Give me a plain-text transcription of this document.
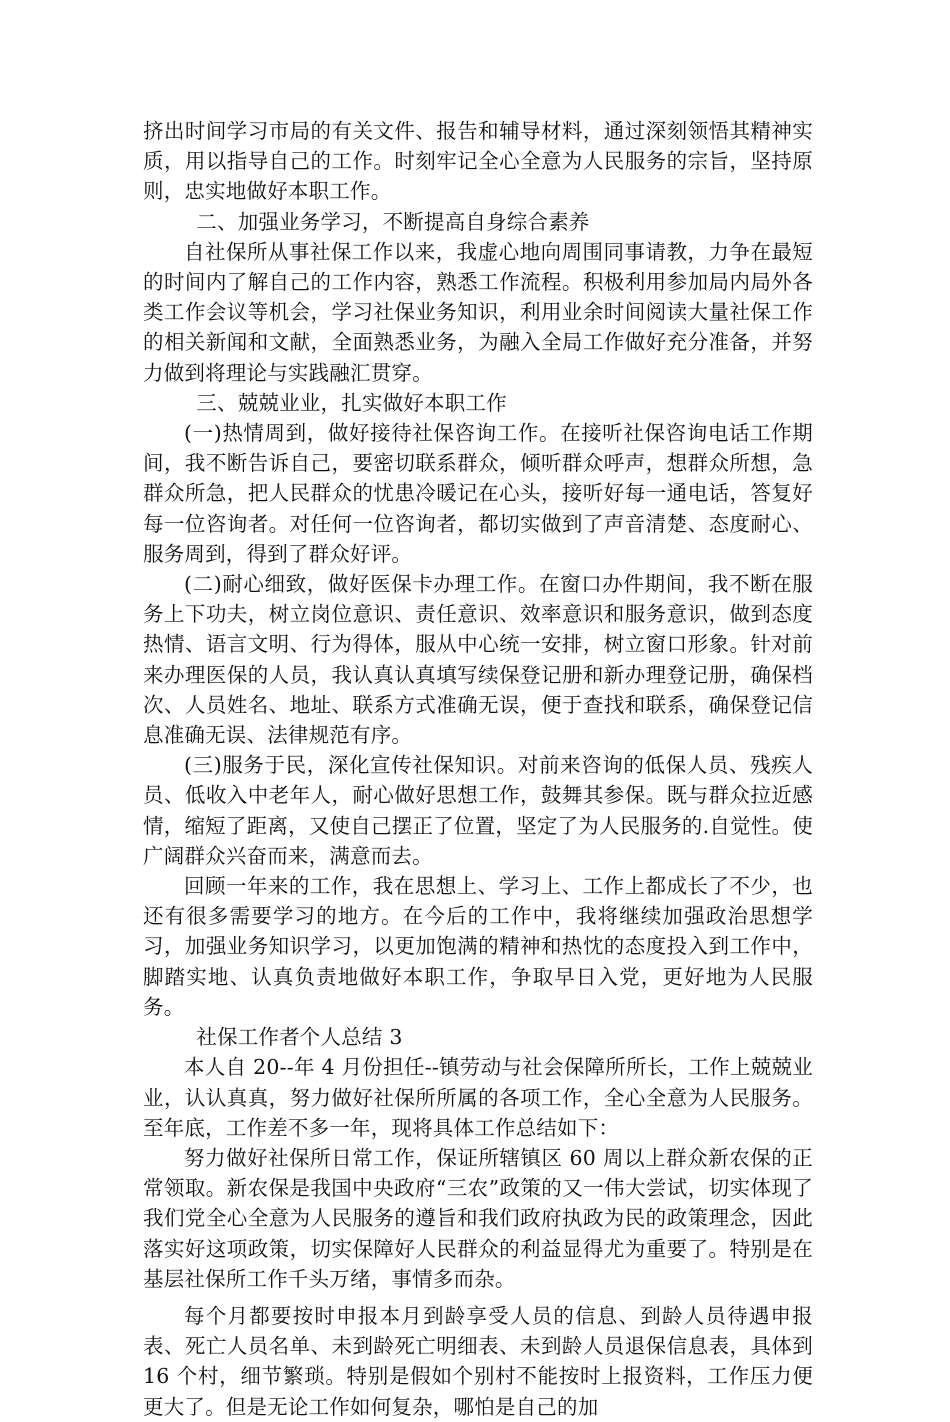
挤出时间学习市局的有关文件、报告和辅导材料，通过深刻领悟其精神实质，用以指导自己的工作。时刻牢记全心全意为人民服务的宗旨，坚持原则，忠实地做好本职工作。

二、加强业务学习，不断提高自身综合素养

自社保所从事社保工作以来，我虚心地向周围同事请教，力争在最短的时间内了解自己的工作内容，熟悉工作流程。积极利用参加局内局外各类工作会议等机会，学习社保业务知识，利用业余时间阅读大量社保工作的相关新闻和文献，全面熟悉业务，为融入全局工作做好充分准备，并努力做到将理论与实践融汇贯穿。

三、兢兢业业，扎实做好本职工作

(一)热情周到，做好接待社保咨询工作。在接听社保咨询电话工作期间，我不断告诉自己，要密切联系群众，倾听群众呼声，想群众所想，急群众所急，把人民群众的忧患冷暖记在心头，接听好每一通电话，答复好每一位咨询者。对任何一位咨询者，都切实做到了声音清楚、态度耐心、服务周到，得到了群众好评。

(二)耐心细致，做好医保卡办理工作。在窗口办件期间，我不断在服务上下功夫，树立岗位意识、责任意识、效率意识和服务意识，做到态度热情、语言文明、行为得体，服从中心统一安排，树立窗口形象。针对前来办理医保的人员，我认真认真填写续保登记册和新办理登记册，确保档次、人员姓名、地址、联系方式准确无误，便于查找和联系，确保登记信息准确无误、法律规范有序。

(三)服务于民，深化宣传社保知识。对前来咨询的低保人员、残疾人员、低收入中老年人，耐心做好思想工作，鼓舞其参保。既与群众拉近感情，缩短了距离，又使自己摆正了位置，坚定了为人民服务的.自觉性。使广阔群众兴奋而来，满意而去。

回顾一年来的工作，我在思想上、学习上、工作上都成长了不少，也还有很多需要学习的地方。在今后的工作中，我将继续加强政治思想学习，加强业务知识学习，以更加饱满的精神和热忱的态度投入到工作中，脚踏实地、认真负责地做好本职工作，争取早日入党，更好地为人民服务。

社保工作者个人总结 3

本人自 20--年 4 月份担任--镇劳动与社会保障所所长，工作上兢兢业业，认认真真，努力做好社保所所属的各项工作，全心全意为人民服务。至年底，工作差不多一年，现将具体工作总结如下：

努力做好社保所日常工作，保证所辖镇区 60 周以上群众新农保的正常领取。新农保是我国中央政府“三农”政策的又一伟大尝试，切实体现了我们党全心全意为人民服务的遵旨和我们政府执政为民的政策理念，因此落实好这项政策，切实保障好人民群众的利益显得尤为重要了。特别是在基层社保所工作千头万绪，事情多而杂。

每个月都要按时申报本月到龄享受人员的信息、到龄人员待遇申报表、死亡人员名单、未到龄死亡明细表、未到龄人员退保信息表，具体到 16 个村，细节繁琐。特别是假如个别村不能按时上报资料，工作压力便更大了。但是无论工作如何复杂，哪怕是自己的加
